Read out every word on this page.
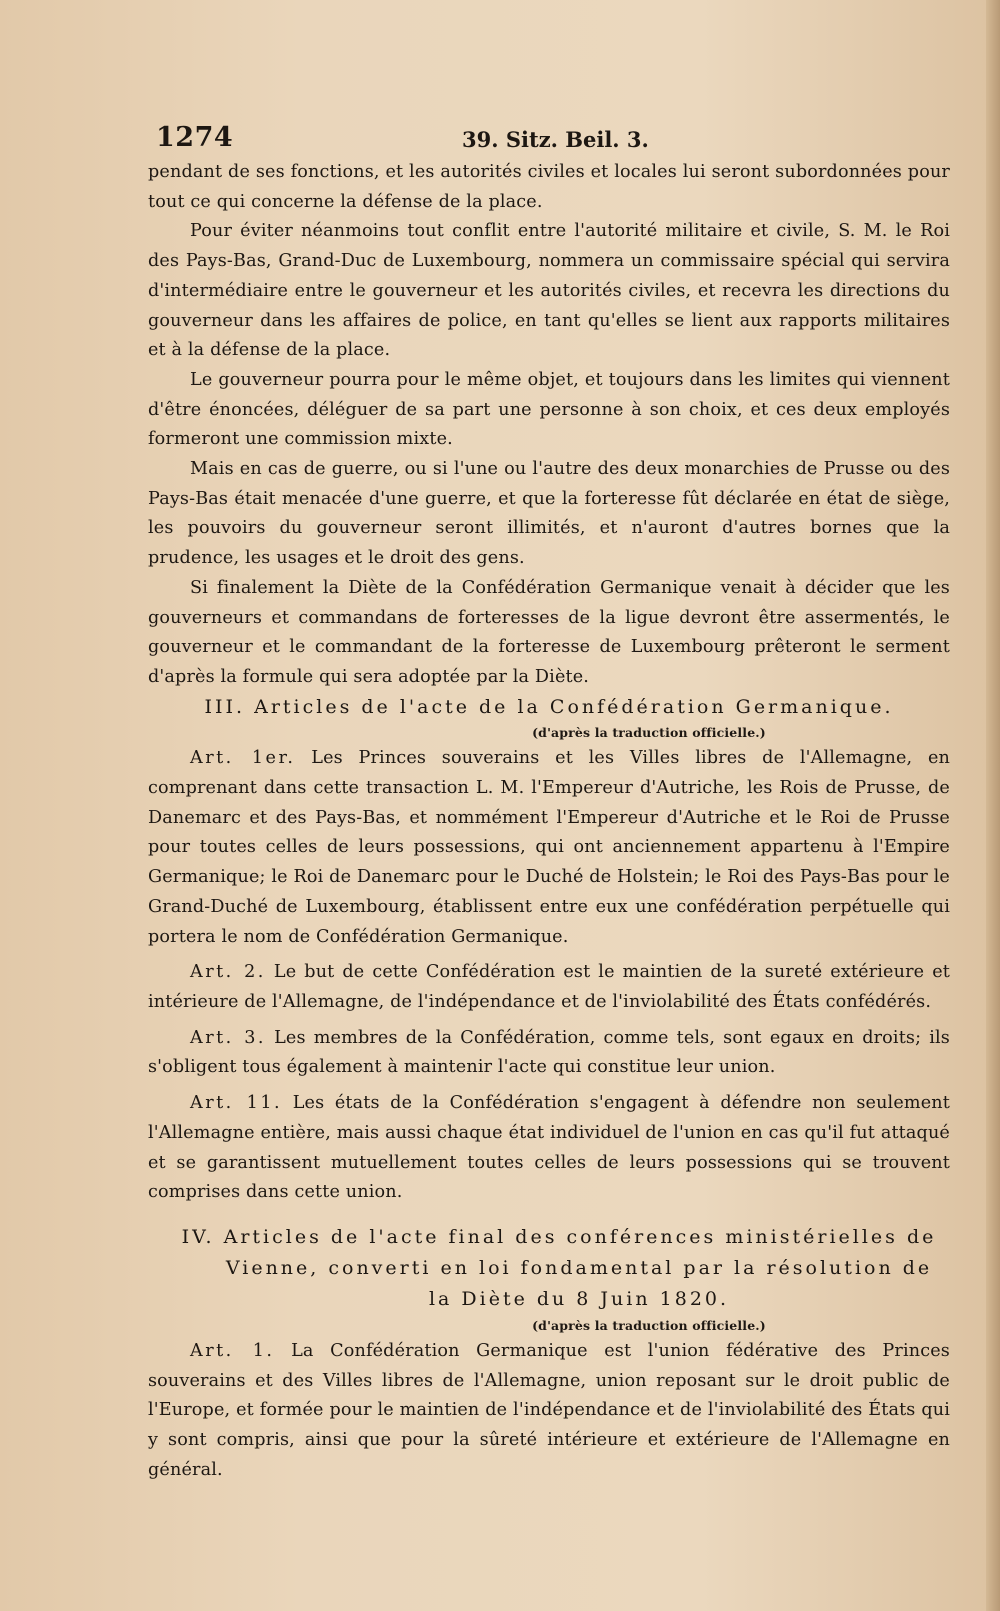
1274	39. Sitz. Beil. 3.

pendant de ses fonctions, et les autorités civiles et locales lui seront subordonnées pour tout ce qui concerne la défense de la place.

Pour éviter néanmoins tout conflit entre l'autorité militaire et civile, S. M. le Roi des Pays-Bas, Grand-Duc de Luxembourg, nommera un commissaire spécial qui servira d'intermédiaire entre le gouverneur et les autorités civiles, et recevra les directions du gouverneur dans les affaires de police, en tant qu'elles se lient aux rapports militaires et à la défense de la place.

Le gouverneur pourra pour le même objet, et toujours dans les limites qui viennent d'être énoncées, déléguer de sa part une personne à son choix, et ces deux employés formeront une commission mixte.

Mais en cas de guerre, ou si l'une ou l'autre des deux monarchies de Prusse ou des Pays-Bas était menacée d'une guerre, et que la forteresse fût déclarée en état de siège, les pouvoirs du gouverneur seront illimités, et n'auront d'autres bornes que la prudence, les usages et le droit des gens.

Si finalement la Diète de la Confédération Germanique venait à décider que les gouverneurs et commandans de forteresses de la ligue devront être assermentés, le gouverneur et le commandant de la forteresse de Luxembourg prêteront le serment d'après la formule qui sera adoptée par la Diète.

III. Articles de l'acte de la Confédération Germanique.

(d'après la traduction officielle.)

Art. 1er. Les Princes souverains et les Villes libres de l'Allemagne, en comprenant dans cette transaction L. M. l'Empereur d'Autriche, les Rois de Prusse, de Danemarc et des Pays-Bas, et nommément l'Empereur d'Autriche et le Roi de Prusse pour toutes celles de leurs possessions, qui ont anciennement appartenu à l'Empire Germanique; le Roi de Danemarc pour le Duché de Holstein; le Roi des Pays-Bas pour le Grand-Duché de Luxembourg, établissent entre eux une confédération perpétuelle qui portera le nom de Confédération Germanique.

Art. 2. Le but de cette Confédération est le maintien de la sureté extérieure et intérieure de l'Allemagne, de l'indépendance et de l'inviolabilité des États confédérés.

Art. 3. Les membres de la Confédération, comme tels, sont egaux en droits; ils s'obligent tous également à maintenir l'acte qui constitue leur union.

Art. 11. Les états de la Confédération s'engagent à défendre non seulement l'Allemagne entière, mais aussi chaque état individuel de l'union en cas qu'il fut attaqué et se garantissent mutuellement toutes celles de leurs possessions qui se trouvent comprises dans cette union.

IV. Articles de l'acte final des conférences ministérielles de Vienne, converti en loi fondamental par la résolution de la Diète du 8 Juin 1820.

(d'après la traduction officielle.)

Art. 1. La Confédération Germanique est l'union fédérative des Princes souverains et des Villes libres de l'Allemagne, union reposant sur le droit public de l'Europe, et formée pour le maintien de l'indépendance et de l'inviolabilité des États qui y sont compris, ainsi que pour la sûreté intérieure et extérieure de l'Allemagne en général.
